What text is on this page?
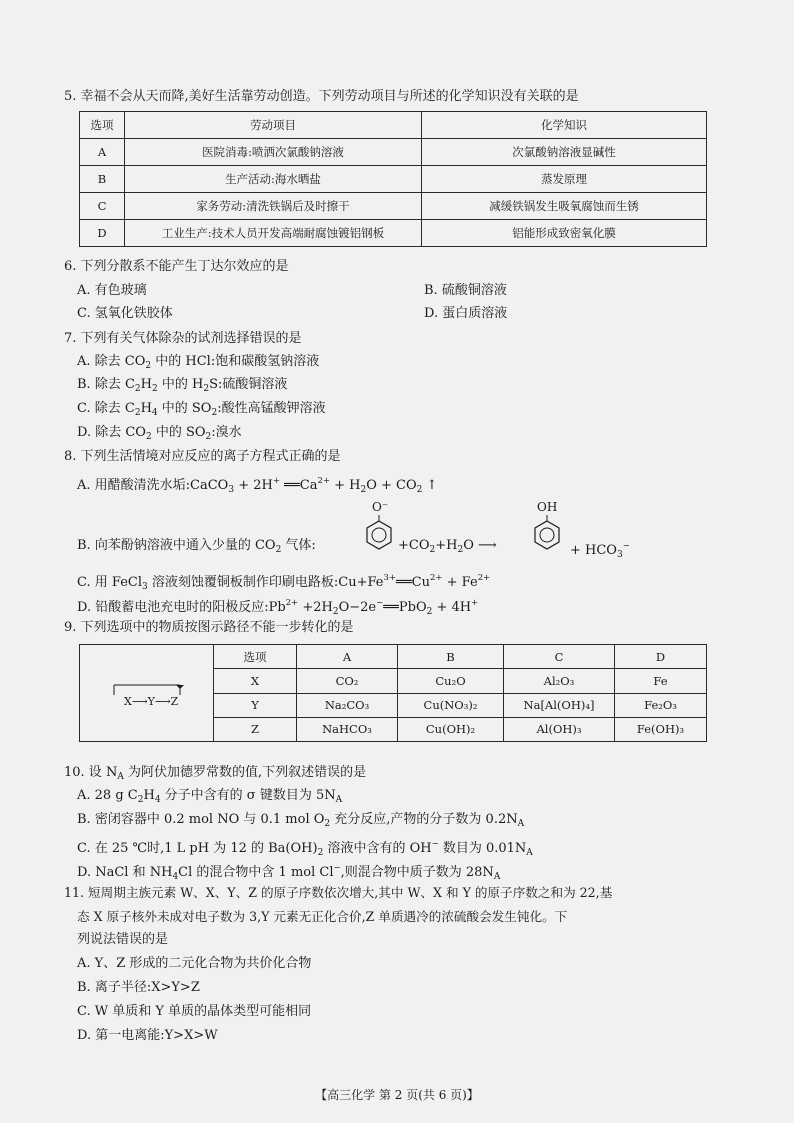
5. 幸福不会从天而降,美好生活靠劳动创造。下列劳动项目与所述的化学知识没有关联的是
选项	劳动项目	化学知识
A	医院消毒:喷洒次氯酸钠溶液	次氯酸钠溶液显碱性
B	生产活动:海水晒盐	蒸发原理
C	家务劳动:清洗铁锅后及时擦干	减缓铁锅发生吸氧腐蚀而生锈
D	工业生产:技术人员开发高端耐腐蚀镀铝钢板	铝能形成致密氧化膜
6. 下列分散系不能产生丁达尔效应的是
A. 有色玻璃	B. 硫酸铜溶液
C. 氢氧化铁胶体	D. 蛋白质溶液
7. 下列有关气体除杂的试剂选择错误的是
A. 除去 $CO_2$ 中的 HCl:饱和碳酸氢钠溶液
B. 除去 $C_2H_2$ 中的 $H_2S$:硫酸铜溶液
C. 除去 $C_2H_4$ 中的 $SO_2$:酸性高锰酸钾溶液
D. 除去 $CO_2$ 中的 $SO_2$:溴水
8. 下列生活情境对应反应的离子方程式正确的是
A. 用醋酸清洗水垢:CaCO$_3$ + 2H+ $══Ca^{2+} + H_2O + CO_2$ ↑
O⁻	OH
B. 向苯酚钠溶液中通入少量的 $CO_2$ 气体:	$+CO_2+H_2O$ ⟶	+ $HCO_3^-$
C. 用 FeCl$_3$ 溶液刻蚀覆铜板制作印刷电路板$:Cu+Fe^{3+}══Cu^{2+} + Fe^{2+}$
D. 铅酸蓄电池充电时的阳极反应$:Pb^{2+}$ $+2H_2O-2e^-══PbO_2 + 4H^+$
9. 下列选项中的物质按图示路径不能一步转化的是
X⟶Y⟶Z	选项	A	B	C	D
	X	CO₂	Cu₂O	Al₂O₃	Fe
	Y	Na₂CO₃	Cu(NO₃)₂	Na[Al(OH)₄]	Fe₂O₃
	Z	NaHCO₃	Cu(OH)₂	Al(OH)₃	Fe(OH)₃
10. 设 $N_A$ 为阿伏加德罗常数的值,下列叙述错误的是
A. 28 g $C_2H_4$ 分子中含有的 σ 键数目为 $5N_A$
B. 密闭容器中 0.2 mol NO 与 0.1 mol $O_2$ 充分反应,产物的分子数为 $0.2N_A$
C. 在 25 ℃时,1 L pH 为 12 的 $Ba(OH)_2$ 溶液中含有的 OH− 数目为 $0.01N_A$
D. NaCl 和 $NH_4Cl$ 的混合物中含 1 mol Cl−,则混合物中质子数为 $28N_A$
11. 短周期主族元素 W、X、Y、Z 的原子序数依次增大,其中 W、X 和 Y 的原子序数之和为 22,基
态 X 原子核外未成对电子数为 3,Y 元素无正化合价,Z 单质遇冷的浓硫酸会发生钝化。下
列说法错误的是
A. Y、Z 形成的二元化合物为共价化合物
B. 离子半径:X>Y>Z
C. W 单质和 Y 单质的晶体类型可能相同
D. 第一电离能:Y>X>W
【高三化学 第 2 页(共 6 页)】
